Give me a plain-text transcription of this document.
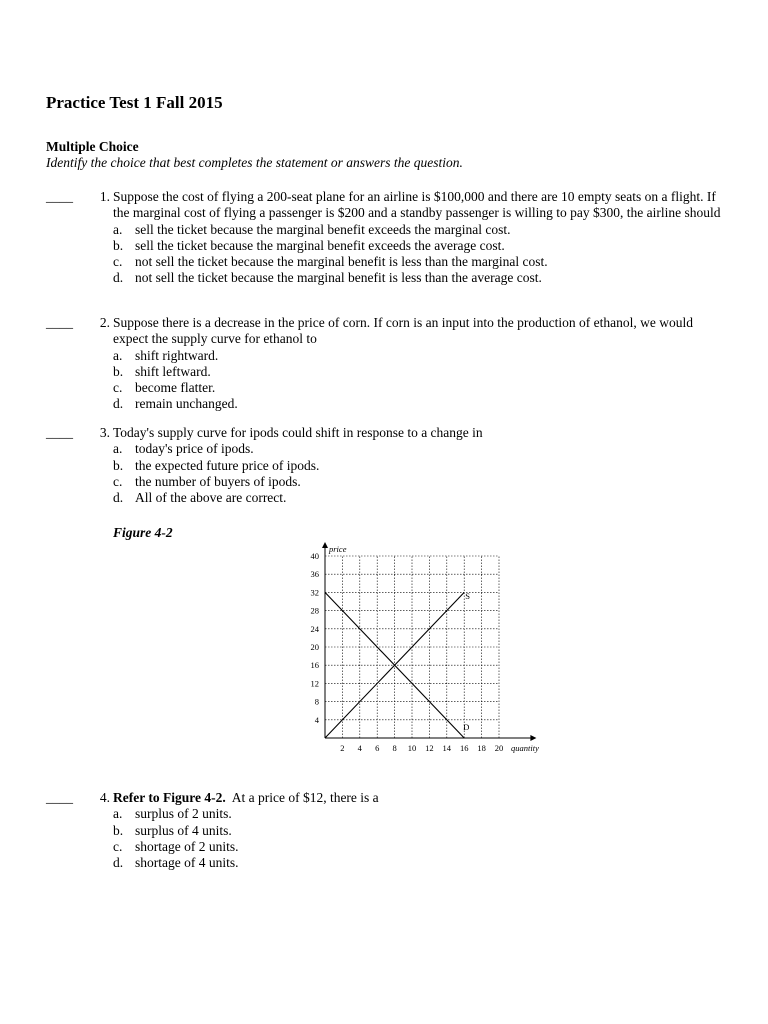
Practice Test 1 Fall 2015

Multiple Choice

Identify the choice that best completes the statement or answers the question.

____	1. Suppose the cost of flying a 200-seat plane for an airline is $100,000 and there are 10 empty seats on a flight. If the marginal cost of flying a passenger is $200 and a standby passenger is willing to pay $300, the airline should
a. sell the ticket because the marginal benefit exceeds the marginal cost.
b. sell the ticket because the marginal benefit exceeds the average cost.
c. not sell the ticket because the marginal benefit is less than the marginal cost.
d. not sell the ticket because the marginal benefit is less than the average cost.
____	2. Suppose there is a decrease in the price of corn. If corn is an input into the production of ethanol, we would expect the supply curve for ethanol to
a. shift rightward.
b. shift leftward.
c. become flatter.
d. remain unchanged.
____	3. Today's supply curve for ipods could shift in response to a change in
a. today's price of ipods.
b. the expected future price of ipods.
c. the number of buyers of ipods.
d. All of the above are correct.

Figure 4-2

2 4 6 8 10 12 14 16 18 20
4
8
12
16
20
24
28
32
36
40
S
D
price
quantity
____	4. Refer to Figure 4-2.  At a price of $12, there is a
a. surplus of 2 units.
b. surplus of 4 units.
c. shortage of 2 units.
d. shortage of 4 units.
